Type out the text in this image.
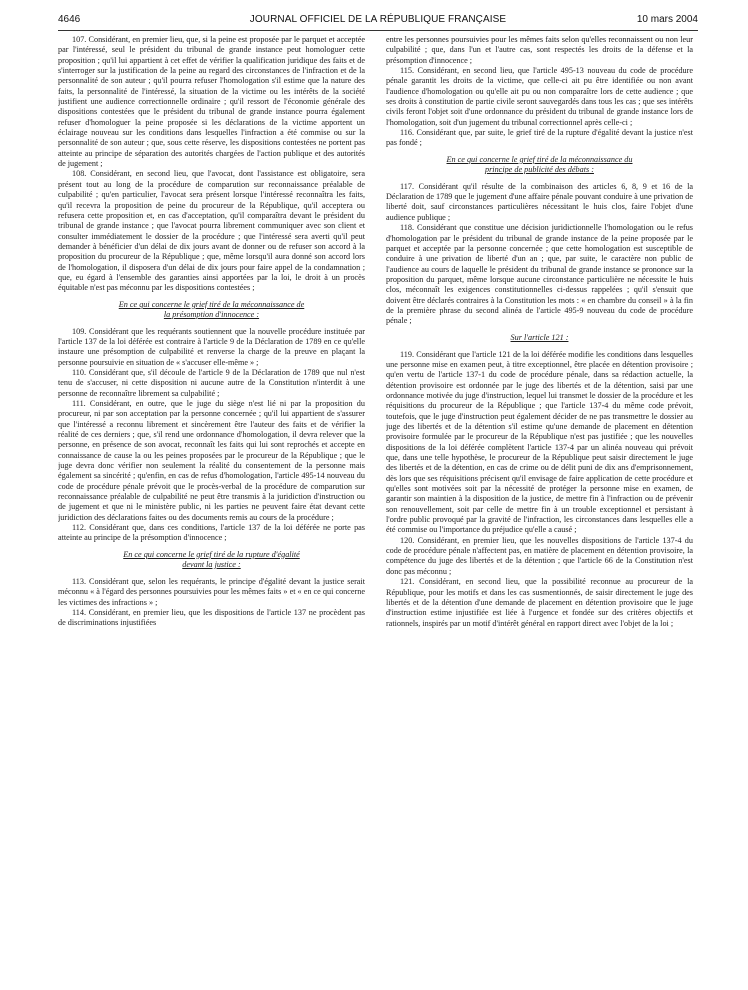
4646	JOURNAL OFFICIEL DE LA RÉPUBLIQUE FRANÇAISE	10 mars 2004

107. Considérant, en premier lieu, que, si la peine est proposée par le parquet et acceptée par l'intéressé, seul le président du tribunal de grande instance peut homologuer cette proposition ; qu'il lui appartient à cet effet de vérifier la qualification juridique des faits et de s'interroger sur la justification de la peine au regard des circonstances de l'infraction et de la personnalité de son auteur ; qu'il pourra refuser l'homologation s'il estime que la nature des faits, la personnalité de l'intéressé, la situation de la victime ou les intérêts de la société justifient une audience correctionnelle ordinaire ; qu'il ressort de l'économie générale des dispositions contestées que le président du tribunal de grande instance pourra également refuser d'homologuer la peine proposée si les déclarations de la victime apportent un éclairage nouveau sur les conditions dans lesquelles l'infraction a été commise ou sur la personnalité de son auteur ; que, sous cette réserve, les dispositions contestées ne portent pas atteinte au principe de séparation des autorités chargées de l'action publique et des autorités de jugement ;

108. Considérant, en second lieu, que l'avocat, dont l'assistance est obligatoire, sera présent tout au long de la procédure de comparution sur reconnaissance préalable de culpabilité ; qu'en particulier, l'avocat sera présent lorsque l'intéressé reconnaîtra les faits, qu'il recevra la proposition de peine du procureur de la République, qu'il acceptera ou refusera cette proposition et, en cas d'acceptation, qu'il comparaîtra devant le président du tribunal de grande instance ; que l'avocat pourra librement communiquer avec son client et consulter immédiatement le dossier de la procédure ; que l'intéressé sera averti qu'il peut demander à bénéficier d'un délai de dix jours avant de donner ou de refuser son accord à la proposition du procureur de la République ; que, même lorsqu'il aura donné son accord lors de l'homologation, il disposera d'un délai de dix jours pour faire appel de la condamnation ; que, eu égard à l'ensemble des garanties ainsi apportées par la loi, le droit à un procès équitable n'est pas méconnu par les dispositions contestées ;

En ce qui concerne le grief tiré de la méconnaissance de
la présomption d'innocence :

109. Considérant que les requérants soutiennent que la nouvelle procédure instituée par l'article 137 de la loi déférée est contraire à l'article 9 de la Déclaration de 1789 en ce qu'elle instaure une présomption de culpabilité et renverse la charge de la preuve en plaçant la personne poursuivie en situation de « s'accuser elle-même » ;

110. Considérant que, s'il découle de l'article 9 de la Déclaration de 1789 que nul n'est tenu de s'accuser, ni cette disposition ni aucune autre de la Constitution n'interdit à une personne de reconnaître librement sa culpabilité ;

111. Considérant, en outre, que le juge du siège n'est lié ni par la proposition du procureur, ni par son acceptation par la personne concernée ; qu'il lui appartient de s'assurer que l'intéressé a reconnu librement et sincèrement être l'auteur des faits et de vérifier la réalité de ces derniers ; que, s'il rend une ordonnance d'homologation, il devra relever que la personne, en présence de son avocat, reconnaît les faits qui lui sont reprochés et accepte en connaissance de cause la ou les peines proposées par le procureur de la République ; que le juge devra donc vérifier non seulement la réalité du consentement de la personne mais également sa sincérité ; qu'enfin, en cas de refus d'homologation, l'article 495-14 nouveau du code de procédure pénale prévoit que le procès-verbal de la procédure de comparution sur reconnaissance préalable de culpabilité ne peut être transmis à la juridiction d'instruction ou de jugement et que ni le ministère public, ni les parties ne peuvent faire état devant cette juridiction des déclarations faites ou des documents remis au cours de la procédure ;

112. Considérant que, dans ces conditions, l'article 137 de la loi déférée ne porte pas atteinte au principe de la présomption d'innocence ;

En ce qui concerne le grief tiré de la rupture d'égalité
devant la justice :

113. Considérant que, selon les requérants, le principe d'égalité devant la justice serait méconnu « à l'égard des personnes poursuivies pour les mêmes faits » et « en ce qui concerne les victimes des infractions » ;

114. Considérant, en premier lieu, que les dispositions de l'article 137 ne procèdent pas de discriminations injustifiées

entre les personnes poursuivies pour les mêmes faits selon qu'elles reconnaissent ou non leur culpabilité ; que, dans l'un et l'autre cas, sont respectés les droits de la défense et la présomption d'innocence ;

115. Considérant, en second lieu, que l'article 495-13 nouveau du code de procédure pénale garantit les droits de la victime, que celle-ci ait pu être identifiée ou non avant l'audience d'homologation ou qu'elle ait pu ou non comparaître lors de cette audience ; que ses droits à constitution de partie civile seront sauvegardés dans tous les cas ; que ses intérêts civils feront l'objet soit d'une ordonnance du président du tribunal de grande instance lors de l'homologation, soit d'un jugement du tribunal correctionnel après celle-ci ;

116. Considérant que, par suite, le grief tiré de la rupture d'égalité devant la justice n'est pas fondé ;

En ce qui concerne le grief tiré de la méconnaissance du
principe de publicité des débats :

117. Considérant qu'il résulte de la combinaison des articles 6, 8, 9 et 16 de la Déclaration de 1789 que le jugement d'une affaire pénale pouvant conduire à une privation de liberté doit, sauf circonstances particulières nécessitant le huis clos, faire l'objet d'une audience publique ;

118. Considérant que constitue une décision juridictionnelle l'homologation ou le refus d'homologation par le président du tribunal de grande instance de la peine proposée par le parquet et acceptée par la personne concernée ; que cette homologation est susceptible de conduire à une privation de liberté d'un an ; que, par suite, le caractère non public de l'audience au cours de laquelle le président du tribunal de grande instance se prononce sur la proposition du parquet, même lorsque aucune circonstance particulière ne nécessite le huis clos, méconnaît les exigences constitutionnelles ci-dessus rappelées ; qu'il s'ensuit que doivent être déclarés contraires à la Constitution les mots : « en chambre du conseil » à la fin de la première phrase du second alinéa de l'article 495-9 nouveau du code de procédure pénale ;

Sur l'article 121 :

119. Considérant que l'article 121 de la loi déférée modifie les conditions dans lesquelles une personne mise en examen peut, à titre exceptionnel, être placée en détention provisoire ; qu'en vertu de l'article 137-1 du code de procédure pénale, dans sa rédaction actuelle, la détention provisoire est ordonnée par le juge des libertés et de la détention, saisi par une ordonnance motivée du juge d'instruction, lequel lui transmet le dossier de la procédure et les réquisitions du procureur de la République ; que l'article 137-4 du même code prévoit, toutefois, que le juge d'instruction peut également décider de ne pas transmettre le dossier au juge des libertés et de la détention s'il estime qu'une demande de placement en détention provisoire formulée par le procureur de la République n'est pas justifiée ; que les nouvelles dispositions de la loi déférée complètent l'article 137-4 par un alinéa nouveau qui prévoit que, dans une telle hypothèse, le procureur de la République peut saisir directement le juge des libertés et de la détention, en cas de crime ou de délit puni de dix ans d'emprisonnement, dès lors que ses réquisitions précisent qu'il envisage de faire application de cette procédure et qu'elles sont motivées soit par la nécessité de protéger la personne mise en examen, de garantir son maintien à la disposition de la justice, de mettre fin à l'infraction ou de prévenir son renouvellement, soit par celle de mettre fin à un trouble exceptionnel et persistant à l'ordre public provoqué par la gravité de l'infraction, les circonstances dans lesquelles elle a été commise ou l'importance du préjudice qu'elle a causé ;

120. Considérant, en premier lieu, que les nouvelles dispositions de l'article 137-4 du code de procédure pénale n'affectent pas, en matière de placement en détention provisoire, la compétence du juge des libertés et de la détention ; que l'article 66 de la Constitution n'est donc pas méconnu ;

121. Considérant, en second lieu, que la possibilité reconnue au procureur de la République, pour les motifs et dans les cas susmentionnés, de saisir directement le juge des libertés et de la détention d'une demande de placement en détention provisoire que le juge d'instruction estime injustifiée est liée à l'urgence et fondée sur des critères objectifs et rationnels, inspirés par un motif d'intérêt général en rapport direct avec l'objet de la loi ;
